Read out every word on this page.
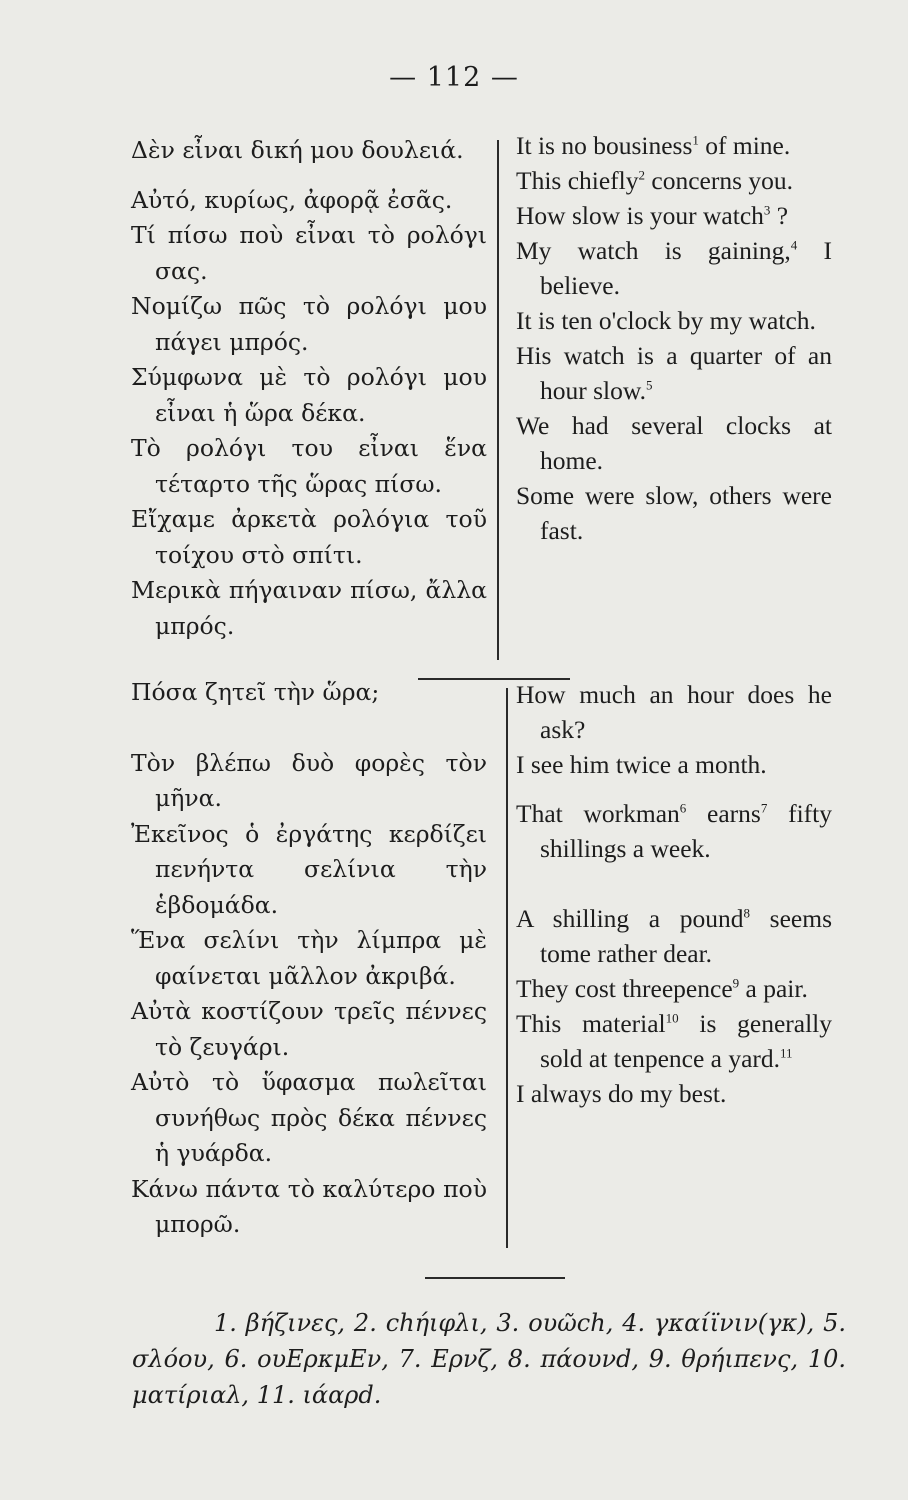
— 112 —
Δὲν εἶναι δική μου δουλειά.
Αὐτό, κυρίως, ἀφορᾷ ἐσᾶς.
Τί πίσω ποὺ εἶναι τὸ ρολόγι σας.
Νομίζω πῶς τὸ ρολόγι μου πάγει μπρός.
Σύμφωνα μὲ τὸ ρολόγι μου εἶναι ἡ ὥρα δέκα.
Τὸ ρολόγι του εἶναι ἕνα τέταρτο τῆς ὥρας πίσω.
Εἴχαμε ἀρκετὰ ρολόγια τοῦ τοίχου στὸ σπίτι.
Μερικὰ πήγαιναν πίσω, ἄλλα μπρός.
It is no bousiness$^1$ of mine.
This chiefly$^2$ concerns you.
How slow is your watch$^3$ ?
My watch is gaining,$^4$ I believe.
It is ten o'clock by my watch.
His watch is a quarter of an hour slow.$^5$
We had several clocks at home.
Some were slow, others were fast.
Πόσα ζητεῖ τὴν ὥρα;
Τὸν βλέπω δυὸ φορὲς τὸν μῆνα.
Ἐκεῖνος ὁ ἐργάτης κερδίζει πενήντα σελίνια τὴν ἑβδομάδα.
Ἕνα σελίνι τὴν λίμπρα μὲ φαίνεται μᾶλλον ἀκριβά.
Αὐτὰ κοστίζουν τρεῖς πέννες τὸ ζευγάρι.
Αὐτὸ τὸ ὕφασμα πωλεῖται συνήθως πρὸς δέκα πέννες ἡ γυάρδα.
Κάνω πάντα τὸ καλύτερο ποὺ μπορῶ.
How much an hour does he ask?
I see him twice a month.
That workman$^6$ earns$^7$ fifty shillings a week.
A shilling a pound$^8$ seems tome rather dear.
They cost threepence$^9$ a pair.
This material$^{10}$ is generally sold at tenpence a yard.$^{11}$
I always do my best.
1. βήζινες, 2. chήιφλι, 3. ουῶch, 4. γκαίϊνιν(γκ), 5. σλόου, 6. ουΕρκμΕν, 7. Ερνζ, 8. πάουνd, 9. θρήιπενς, 10. ματίριαλ, 11. ιάαρd.
